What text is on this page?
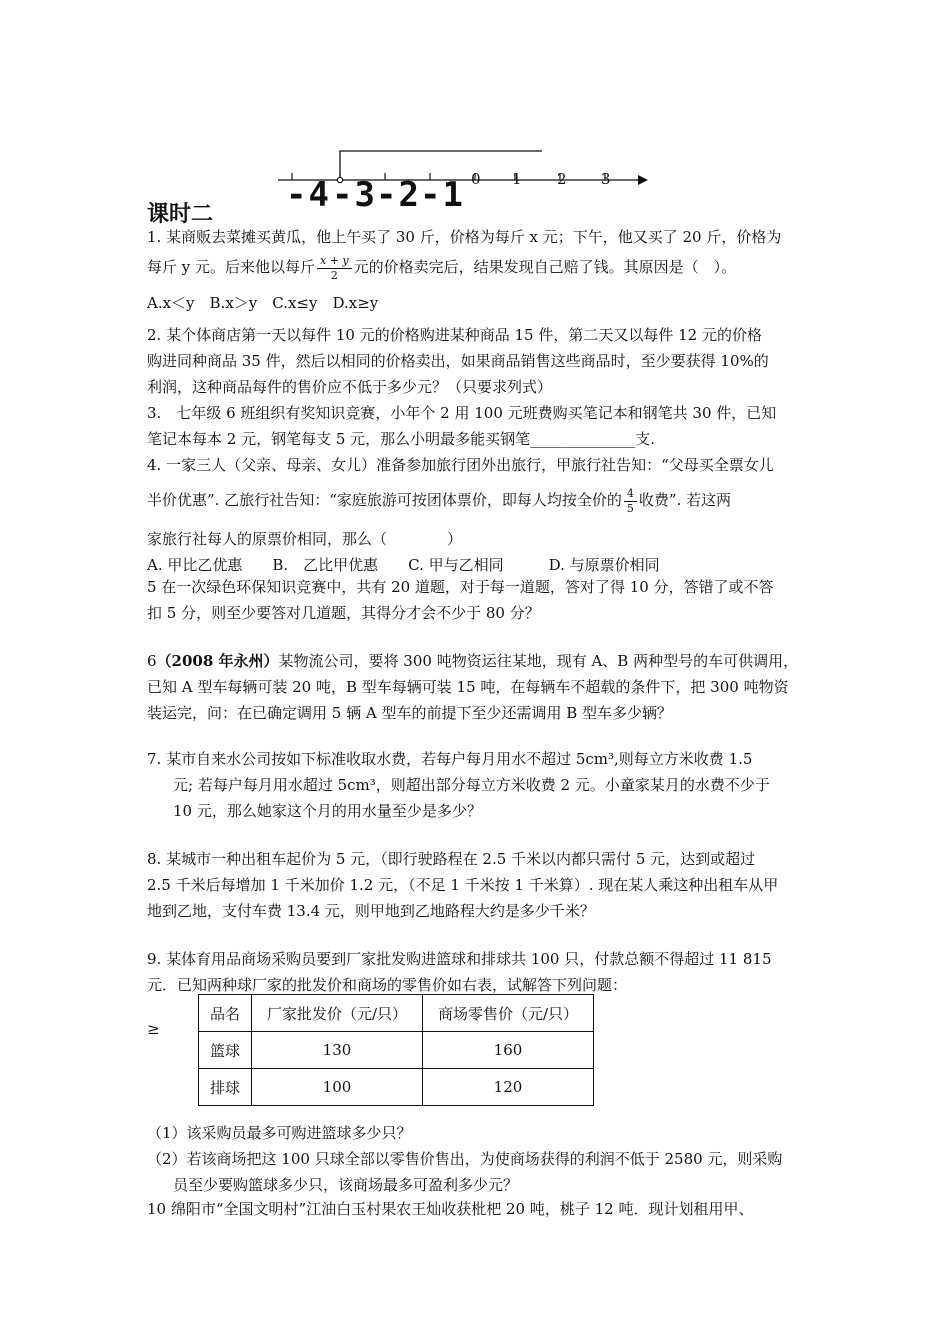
-4 -3 -2 -1 0 1 2 3
课时二
1. 某商贩去菜摊买黄瓜，他上午买了 30 斤，价格为每斤 x 元；下午，他又买了 20 斤，价格为
每斤 y 元。后来他以每斤 $\frac{x + y}{2}$ 元的价格卖完后，结果发现自己赔了钱。其原因是（　）。
A.x＜y　B.x＞y　C.x≤y　D.x≥y
2. 某个体商店第一天以每件 10 元的价格购进某种商品 15 件，第二天又以每件 12 元的价格
购进同种商品 35 件，然后以相同的价格卖出，如果商品销售这些商品时，至少要获得 10%的
利润，这种商品每件的售价应不低于多少元？（只要求列式）
3.　七年级 6 班组织有奖知识竞赛，小年个 2 用 100 元班费购买笔记本和钢笔共 30 件，已知
笔记本每本 2 元，钢笔每支 5 元，那么小明最多能买钢笔______________支.
4. 一家三人（父亲、母亲、女儿）准备参加旅行团外出旅行，甲旅行社告知：“父母买全票女儿
半价优惠”. 乙旅行社告知：“家庭旅游可按团体票价，即每人均按全价的 $\frac{4}{5}$ 收费”. 若这两
家旅行社每人的原票价相同，那么（　　　　）
A. 甲比乙优惠　　B.　乙比甲优惠　　C. 甲与乙相同　　　D. 与原票价相同
5 在一次绿色环保知识竞赛中，共有 20 道题，对于每一道题，答对了得 10 分，答错了或不答
扣 5 分，则至少要答对几道题，其得分才会不少于 80 分？
6（2008 年永州）某物流公司，要将 300 吨物资运往某地，现有 A、B 两种型号的车可供调用，
已知 A 型车每辆可装 20 吨，B 型车每辆可装 15 吨，在每辆车不超载的条件下，把 300 吨物资
装运完，问：在已确定调用 5 辆 A 型车的前提下至少还需调用 B 型车多少辆？
7. 某市自来水公司按如下标准收取水费，若每户每月用水不超过 5cm³,则每立方米收费 1.5
元; 若每户每月用水超过 5cm³，则超出部分每立方米收费 2 元。小童家某月的水费不少于
10 元，那么她家这个月的用水量至少是多少？
8. 某城市一种出租车起价为 5 元，（即行驶路程在 2.5 千米以内都只需付 5 元，达到或超过
2.5 千米后每增加 1 千米加价 1.2 元，（不足 1 千米按 1 千米算）. 现在某人乘这种出租车从甲
地到乙地，支付车费 13.4 元，则甲地到乙地路程大约是多少千米？
9. 某体育用品商场采购员要到厂家批发购进篮球和排球共 100 只，付款总额不得超过 11 815
元．已知两种球厂家的批发价和商场的零售价如右表，试解答下列问题：
≥
品名	厂家批发价（元/只）	商场零售价（元/只）
篮球	130	160
排球	100	120
（1）该采购员最多可购进篮球多少只？
（2）若该商场把这 100 只球全部以零售价售出，为使商场获得的利润不低于 2580 元，则采购
员至少要购篮球多少只，该商场最多可盈利多少元？
10 绵阳市“全国文明村”江油白玉村果农王灿收获枇杷 20 吨，桃子 12 吨．现计划租用甲、
